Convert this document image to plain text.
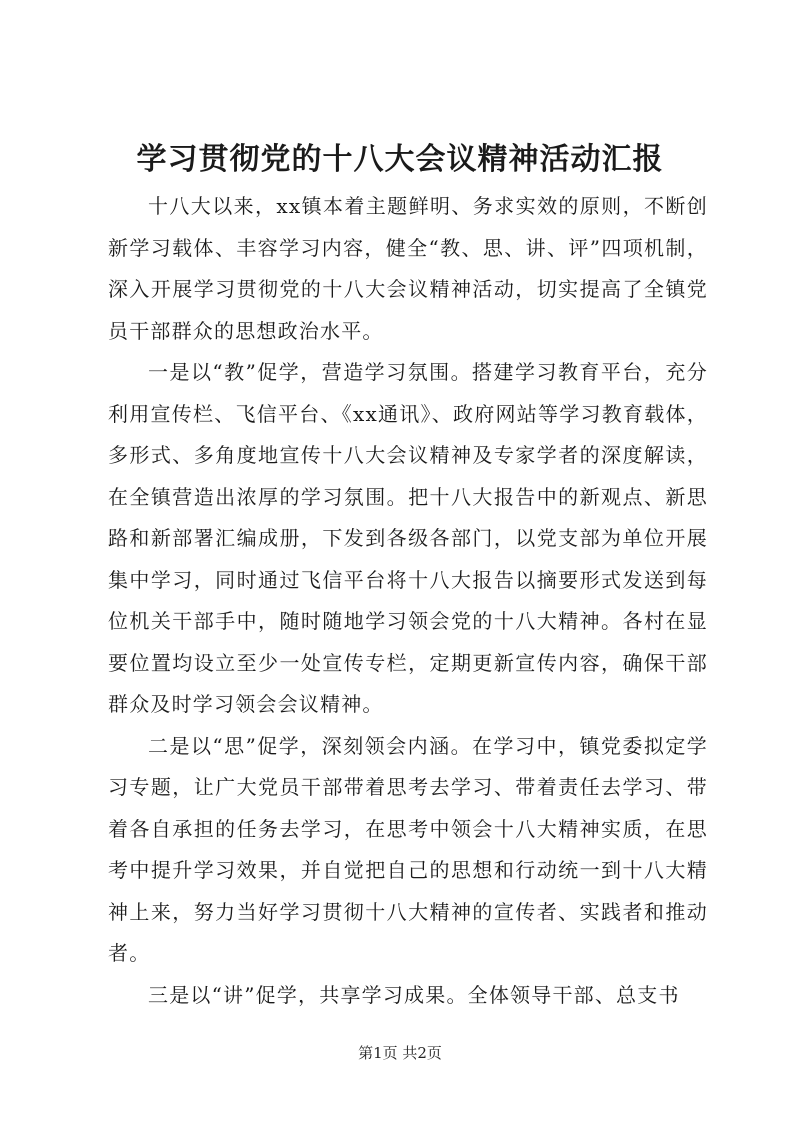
学习贯彻党的十八大会议精神活动汇报

十八大以来，xx镇本着主题鲜明、务求实效的原则，不断创新学习载体、丰容学习内容，健全“教、思、讲、评”四项机制，深入开展学习贯彻党的十八大会议精神活动，切实提高了全镇党员干部群众的思想政治水平。

一是以“教”促学，营造学习氛围。搭建学习教育平台，充分利用宣传栏、飞信平台、《xx通讯》、政府网站等学习教育载体，多形式、多角度地宣传十八大会议精神及专家学者的深度解读，在全镇营造出浓厚的学习氛围。把十八大报告中的新观点、新思路和新部署汇编成册，下发到各级各部门，以党支部为单位开展集中学习，同时通过飞信平台将十八大报告以摘要形式发送到每位机关干部手中，随时随地学习领会党的十八大精神。各村在显要位置均设立至少一处宣传专栏，定期更新宣传内容，确保干部群众及时学习领会会议精神。

二是以“思”促学，深刻领会内涵。在学习中，镇党委拟定学习专题，让广大党员干部带着思考去学习、带着责任去学习、带着各自承担的任务去学习，在思考中领会十八大精神实质，在思考中提升学习效果，并自觉把自己的思想和行动统一到十八大精神上来，努力当好学习贯彻十八大精神的宣传者、实践者和推动者。

三是以“讲”促学，共享学习成果。全体领导干部、总支书

第1页 共2页
